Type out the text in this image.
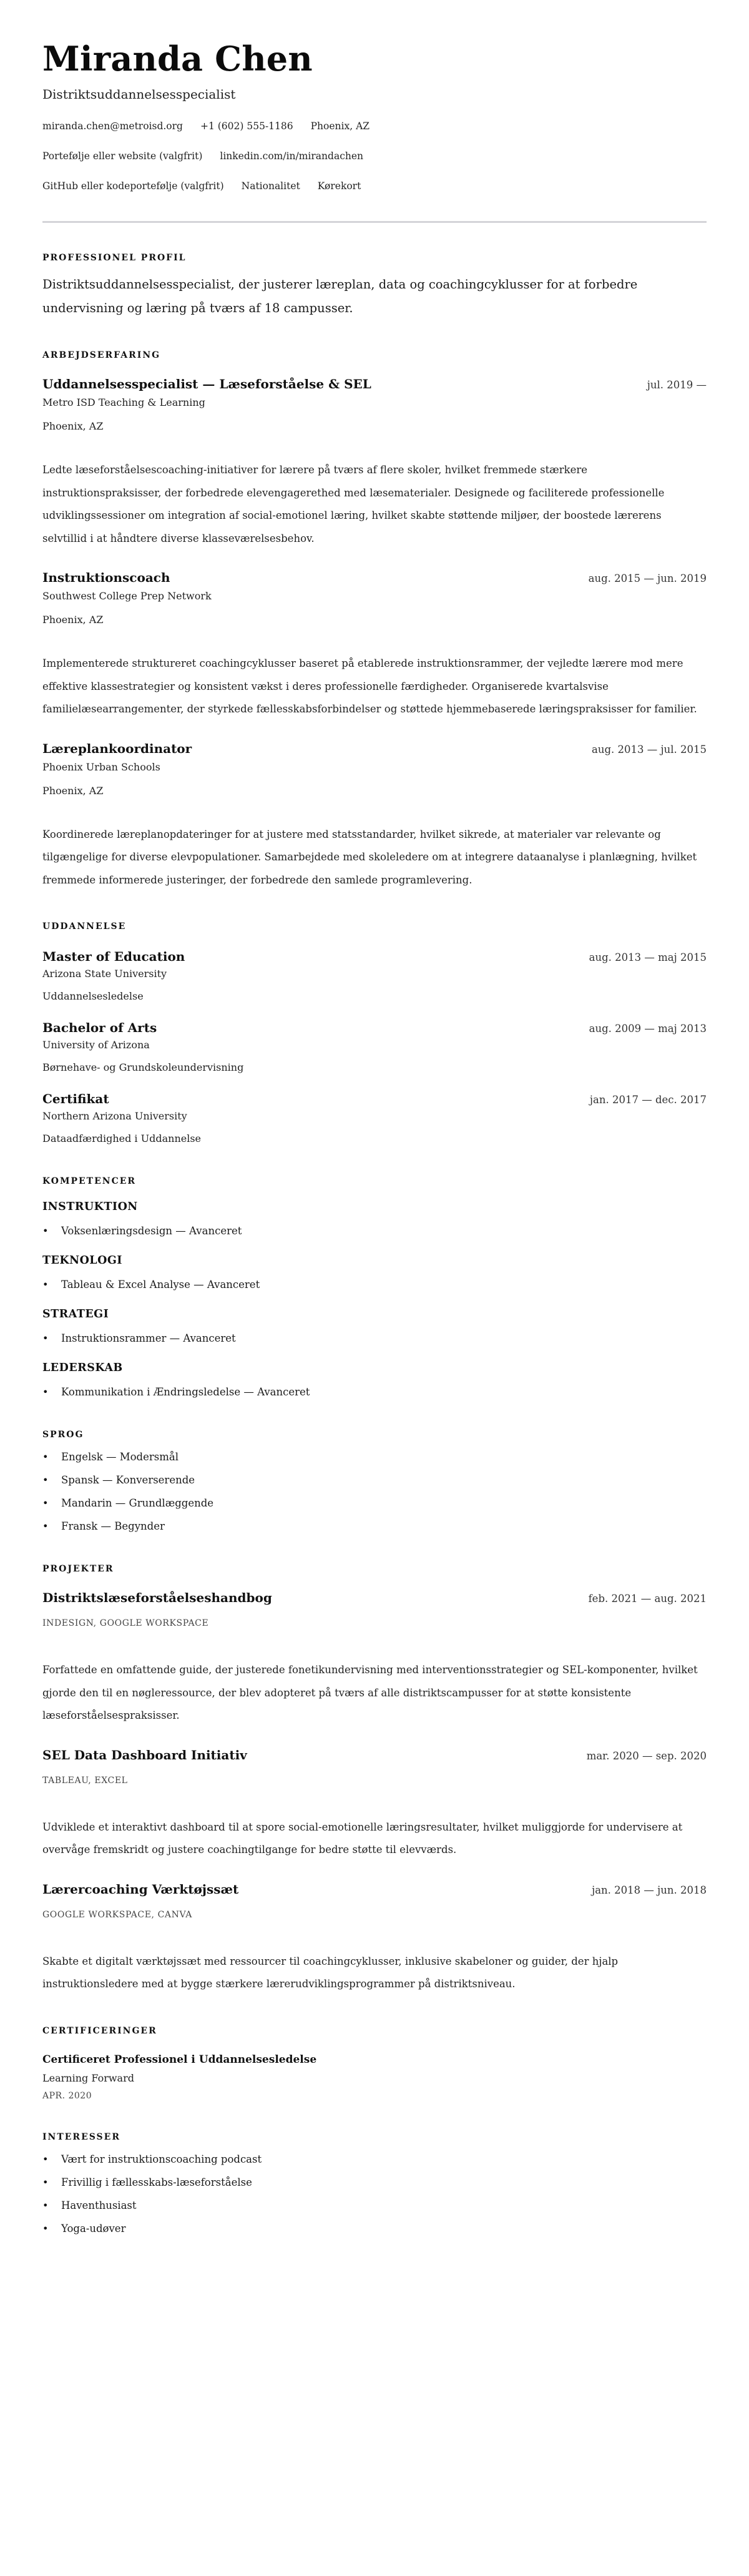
Miranda Chen
Distriktsuddannelsesspecialist
miranda.chen@metroisd.org +1 (602) 555-1186 Phoenix, AZ
Portefølje eller website (valgfrit) linkedin.com/in/mirandachen
GitHub eller kodeportefølje (valgfrit) Nationalitet Kørekort
PROFESSIONEL PROFIL

Distriktsuddannelsesspecialist, der justerer læreplan, data og coachingcyklusser for at forbedre undervisning og læring på tværs af 18 campusser.

ARBEJDSERFARING
Uddannelsesspecialist — Læseforståelse & SEL	jul. 2019 —
Metro ISD Teaching & Learning
Phoenix, AZ

Ledte læseforståelsescoaching-initiativer for lærere på tværs af flere skoler, hvilket fremmede stærkere instruktionspraksisser, der forbedrede elevengagerethed med læsematerialer. Designede og faciliterede professionelle udviklingssessioner om integration af social-emotionel læring, hvilket skabte støttende miljøer, der boostede lærerens selvtillid i at håndtere diverse klasseværelsesbehov.

Instruktionscoach	aug. 2015 — jun. 2019
Southwest College Prep Network
Phoenix, AZ

Implementerede struktureret coachingcyklusser baseret på etablerede instruktionsrammer, der vejledte lærere mod mere effektive klassestrategier og konsistent vækst i deres professionelle færdigheder. Organiserede kvartalsvise familielæsearrangementer, der styrkede fællesskabsforbindelser og støttede hjemmebaserede læringspraksisser for familier.

Læreplankoordinator	aug. 2013 — jul. 2015
Phoenix Urban Schools
Phoenix, AZ

Koordinerede læreplanopdateringer for at justere med statsstandarder, hvilket sikrede, at materialer var relevante og tilgængelige for diverse elevpopulationer. Samarbejdede med skoleledere om at integrere dataanalyse i planlægning, hvilket fremmede informerede justeringer, der forbedrede den samlede programlevering.

UDDANNELSE
Master of Education	aug. 2013 — maj 2015
Arizona State University
Uddannelsesledelse
Bachelor of Arts	aug. 2009 — maj 2013
University of Arizona
Børnehave- og Grundskoleundervisning
Certifikat	jan. 2017 — dec. 2017
Northern Arizona University
Dataadfærdighed i Uddannelse
KOMPETENCER
INSTRUKTION
• Voksenlæringsdesign — Avanceret
TEKNOLOGI
• Tableau & Excel Analyse — Avanceret
STRATEGI
• Instruktionsrammer — Avanceret
LEDERSKAB
• Kommunikation i Ændringsledelse — Avanceret
SPROG
• Engelsk — Modersmål
• Spansk — Konverserende
• Mandarin — Grundlæggende
• Fransk — Begynder
PROJEKTER
Distriktslæseforståelseshandbog	feb. 2021 — aug. 2021
INDESIGN, GOOGLE WORKSPACE

Forfattede en omfattende guide, der justerede fonetikundervisning med interventionsstrategier og SEL-komponenter, hvilket gjorde den til en nøgleressource, der blev adopteret på tværs af alle distriktscampusser for at støtte konsistente læseforståelsespraksisser.

SEL Data Dashboard Initiativ	mar. 2020 — sep. 2020
TABLEAU, EXCEL

Udviklede et interaktivt dashboard til at spore social-emotionelle læringsresultater, hvilket muliggjorde for undervisere at overvåge fremskridt og justere coachingtilgange for bedre støtte til elevværds.

Lærercoaching Værktøjssæt	jan. 2018 — jun. 2018
GOOGLE WORKSPACE, CANVA

Skabte et digitalt værktøjssæt med ressourcer til coachingcyklusser, inklusive skabeloner og guider, der hjalp instruktionsledere med at bygge stærkere lærerudviklingsprogrammer på distriktsniveau.

CERTIFICERINGER
Certificeret Professionel i Uddannelsesledelse
Learning Forward
APR. 2020
INTERESSER
• Vært for instruktionscoaching podcast
• Frivillig i fællesskabs-læseforståelse
• Haventhusiast
• Yoga-udøver
